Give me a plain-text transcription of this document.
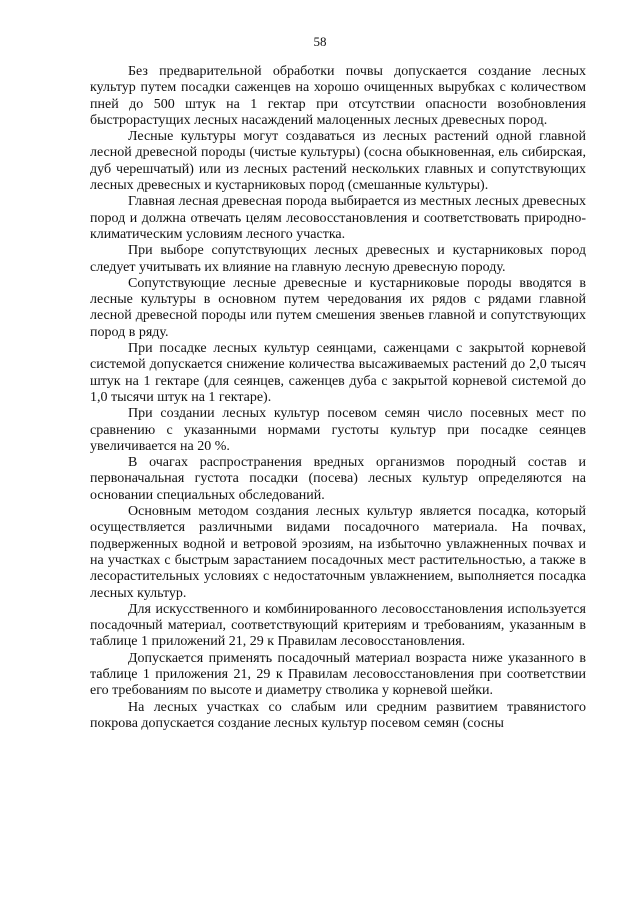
58

Без предварительной обработки почвы допускается создание лесных культур путем посадки саженцев на хорошо очищенных вырубках с количеством пней до 500 штук на 1 гектар при отсутствии опасности возобновления быстрорастущих лесных насаждений малоценных лесных древесных пород.

Лесные культуры могут создаваться из лесных растений одной главной лесной древесной породы (чистые культуры) (сосна обыкновенная, ель сибирская, дуб черешчатый) или из лесных растений нескольких главных и сопутствующих лесных древесных и кустарниковых пород (смешанные культуры).

Главная лесная древесная порода выбирается из местных лесных древесных пород и должна отвечать целям лесовосстановления и соответствовать природно-климатическим условиям лесного участка.

При выборе сопутствующих лесных древесных и кустарниковых пород следует учитывать их влияние на главную лесную древесную породу.

Сопутствующие лесные древесные и кустарниковые породы вводятся в лесные культуры в основном путем чередования их рядов с рядами главной лесной древесной породы или путем смешения звеньев главной и сопутствующих пород в ряду.

При посадке лесных культур сеянцами, саженцами с закрытой корневой системой допускается снижение количества высаживаемых растений до 2,0 тысяч штук на 1 гектаре (для сеянцев, саженцев дуба с закрытой корневой системой до 1,0 тысячи штук на 1 гектаре).

При создании лесных культур посевом семян число посевных мест по сравнению с указанными нормами густоты культур при посадке сеянцев увеличивается на 20 %.

В очагах распространения вредных организмов породный состав и первоначальная густота посадки (посева) лесных культур определяются на основании специальных обследований.

Основным методом создания лесных культур является посадка, который осуществляется различными видами посадочного материала. На почвах, подверженных водной и ветровой эрозиям, на избыточно увлажненных почвах и на участках с быстрым зарастанием посадочных мест растительностью, а также в лесорастительных условиях с недостаточным увлажнением, выполняется посадка лесных культур.

Для искусственного и комбинированного лесовосстановления используется посадочный материал, соответствующий критериям и требованиям, указанным в таблице 1 приложений 21, 29 к Правилам лесовосстановления.

Допускается применять посадочный материал возраста ниже указанного в таблице 1 приложения 21, 29 к Правилам лесовосстановления при соответствии его требованиям по высоте и диаметру стволика у корневой шейки.

На лесных участках со слабым или средним развитием травянистого покрова допускается создание лесных культур посевом семян (сосны
